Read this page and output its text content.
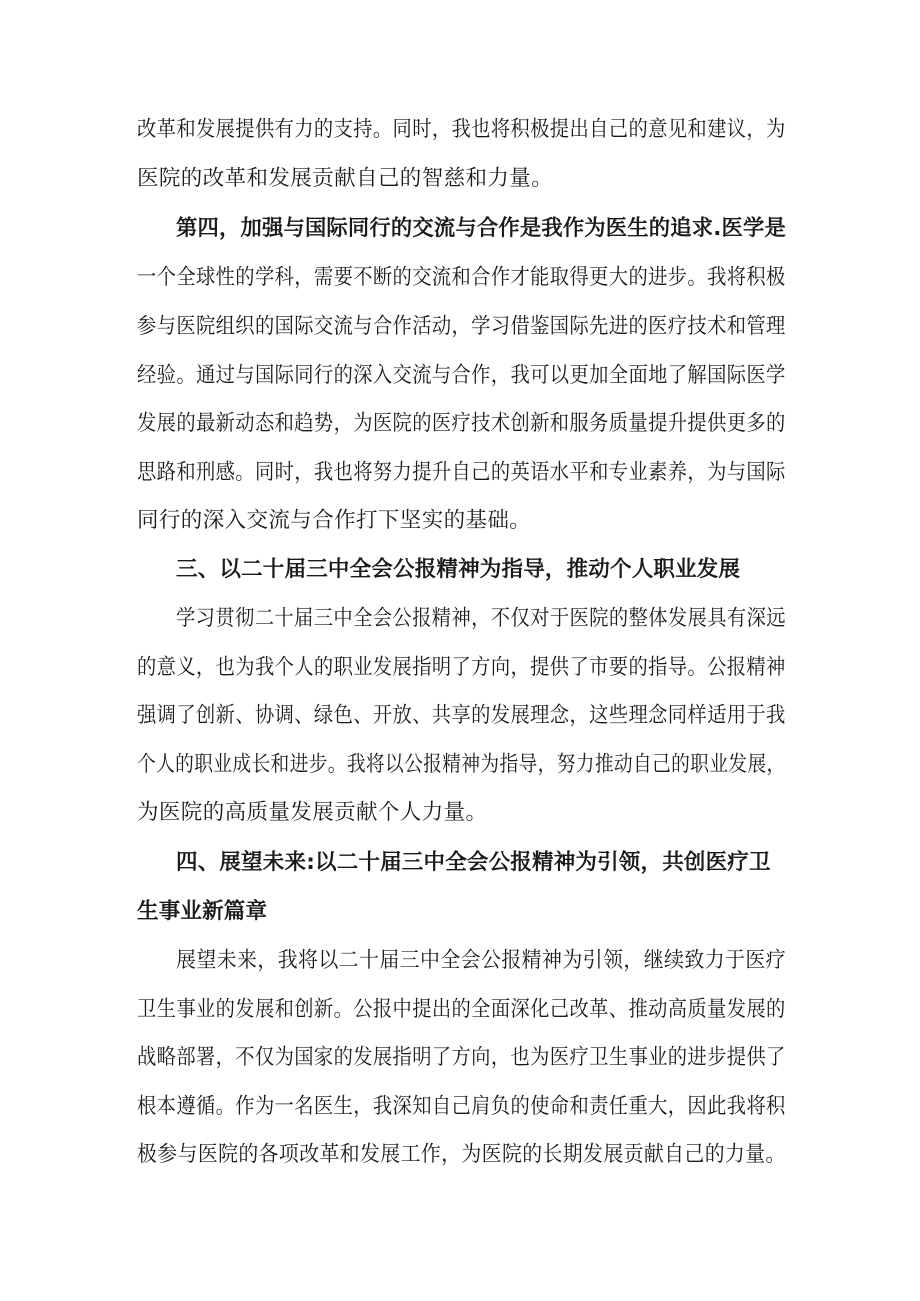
改革和发展提供有力的支持。同时，我也将积极提出自己的意见和建议，为
医院的改革和发展贡献自己的智慈和力量。
第四，加强与国际同行的交流与合作是我作为医生的追求.医学是
一个全球性的学科，需要不断的交流和合作才能取得更大的进步。我将积极
参与医院组织的国际交流与合作活动，学习借鉴国际先进的医疗技术和管理
经验。通过与国际同行的深入交流与合作，我可以更加全面地了解国际医学
发展的最新动态和趋势，为医院的医疗技术创新和服务质量提升提供更多的
思路和刑感。同时，我也将努力提升自己的英语水平和专业素养，为与国际
同行的深入交流与合作打下坚实的基础。
三、以二十届三中全会公报精神为指导，推动个人职业发展
学习贯彻二十届三中全会公报精神，不仅对于医院的整体发展具有深远
的意义，也为我个人的职业发展指明了方向，提供了市要的指导。公报精神
强调了创新、协调、绿色、开放、共享的发展理念，这些理念同样适用于我
个人的职业成长和进步。我将以公报精神为指导，努力推动自己的职业发展，
为医院的高质量发展贡献个人力量。
四、展望未来:以二十届三中全会公报精神为引领，共创医疗卫
生事业新篇章
展望未来，我将以二十届三中全会公报精神为引领，继续致力于医疗
卫生事业的发展和创新。公报中提出的全面深化己改革、推动高质量发展的
战略部署，不仅为国家的发展指明了方向，也为医疗卫生事业的进步提供了
根本遵循。作为一名医生，我深知自己肩负的使命和责任重大，因此我将积
极参与医院的各项改革和发展工作，为医院的长期发展贡献自己的力量。
